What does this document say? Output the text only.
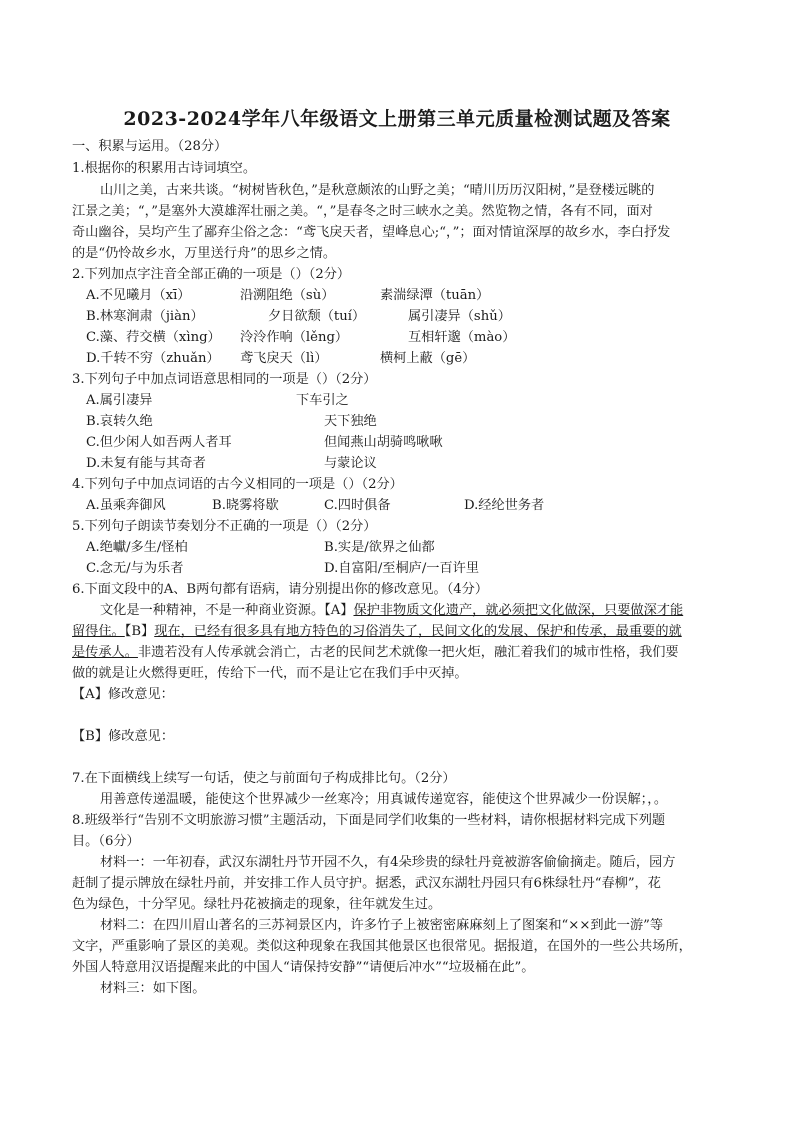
2023-2024学年八年级语文上册第三单元质量检测试题及答案
一、积累与运用。（28分）
1.根据你的积累用古诗词填空。
山川之美，古来共谈。“树树皆秋色，”是秋意颇浓的山野之美；“晴川历历汉阳树，”是登楼远眺的
江景之美；“，”是塞外大漠雄浑壮丽之美。“，”是春冬之时三峡水之美。然览物之情，各有不同，面对
奇山幽谷，吴均产生了鄙弃尘俗之念：“鸢飞戾天者，望峰息心;“，”；面对情谊深厚的故乡水，李白抒发
的是“仍怜故乡水，万里送行舟”的思乡之情。
2.下列加点字注音全部正确的一项是（）（2分）
A.不见曦月（xī）	沿溯阻绝（sù）	素湍绿潭（tuān）
B.林寒涧肃（jiàn）	夕日欲颓（tuí）	属引凄异（shǔ）
C.藻、荇交横（xìng） 泠泠作响（lěng）	互相轩邈（mào）
D.千转不穷（zhuǎn） 鸢飞戾天（lì）	横柯上蔽（gē）
3.下列句子中加点词语意思相同的一项是（）（2分）
A.属引凄异	下车引之
B.哀转久绝	天下独绝
C.但少闲人如吾两人者耳	但闻燕山胡骑鸣啾啾
D.未复有能与其奇者	与蒙论议
4.下列句子中加点词语的古今义相同的一项是（）（2分）
A.虽乘奔御风	B.晓雾将歇	C.四时俱备	D.经纶世务者
5.下列句子朗读节奏划分不正确的一项是（）（2分）
A.绝巘/多生/怪柏	B.实是/欲界之仙都
C.念无/与为乐者	D.自富阳/至桐庐/一百许里
6.下面文段中的A、B两句都有语病，请分别提出你的修改意见。（4分）
文化是一种精神，不是一种商业资源。【A】保护非物质文化遗产，就必须把文化做深，只要做深才能
留得住。【B】现在，已经有很多具有地方特色的习俗消失了，民间文化的发展、保护和传承，最重要的就
是传承人。非遗若没有人传承就会消亡，古老的民间艺术就像一把火炬，融汇着我们的城市性格，我们要
做的就是让火燃得更旺，传给下一代，而不是让它在我们手中灭掉。
【A】修改意见：
【B】修改意见：
7.在下面横线上续写一句话，使之与前面句子构成排比句。（2分）
用善意传递温暖，能使这个世界减少一丝寒冷；用真诚传递宽容，能使这个世界减少一份误解；，。
8.班级举行“告别不文明旅游习惯”主题活动，下面是同学们收集的一些材料，请你根据材料完成下列题
目。（6分）
材料一：一年初春，武汉东湖牡丹节开园不久，有4朵珍贵的绿牡丹竟被游客偷偷摘走。随后，园方
赶制了提示牌放在绿牡丹前，并安排工作人员守护。据悉，武汉东湖牡丹园只有6株绿牡丹“春柳”，花
色为绿色，十分罕见。绿牡丹花被摘走的现象，往年就发生过。
材料二：在四川眉山著名的三苏祠景区内，许多竹子上被密密麻麻刻上了图案和“××到此一游”等
文字，严重影响了景区的美观。类似这种现象在我国其他景区也很常见。据报道，在国外的一些公共场所，
外国人特意用汉语提醒来此的中国人“请保持安静”“请便后冲水”“垃圾桶在此”。
材料三：如下图。
